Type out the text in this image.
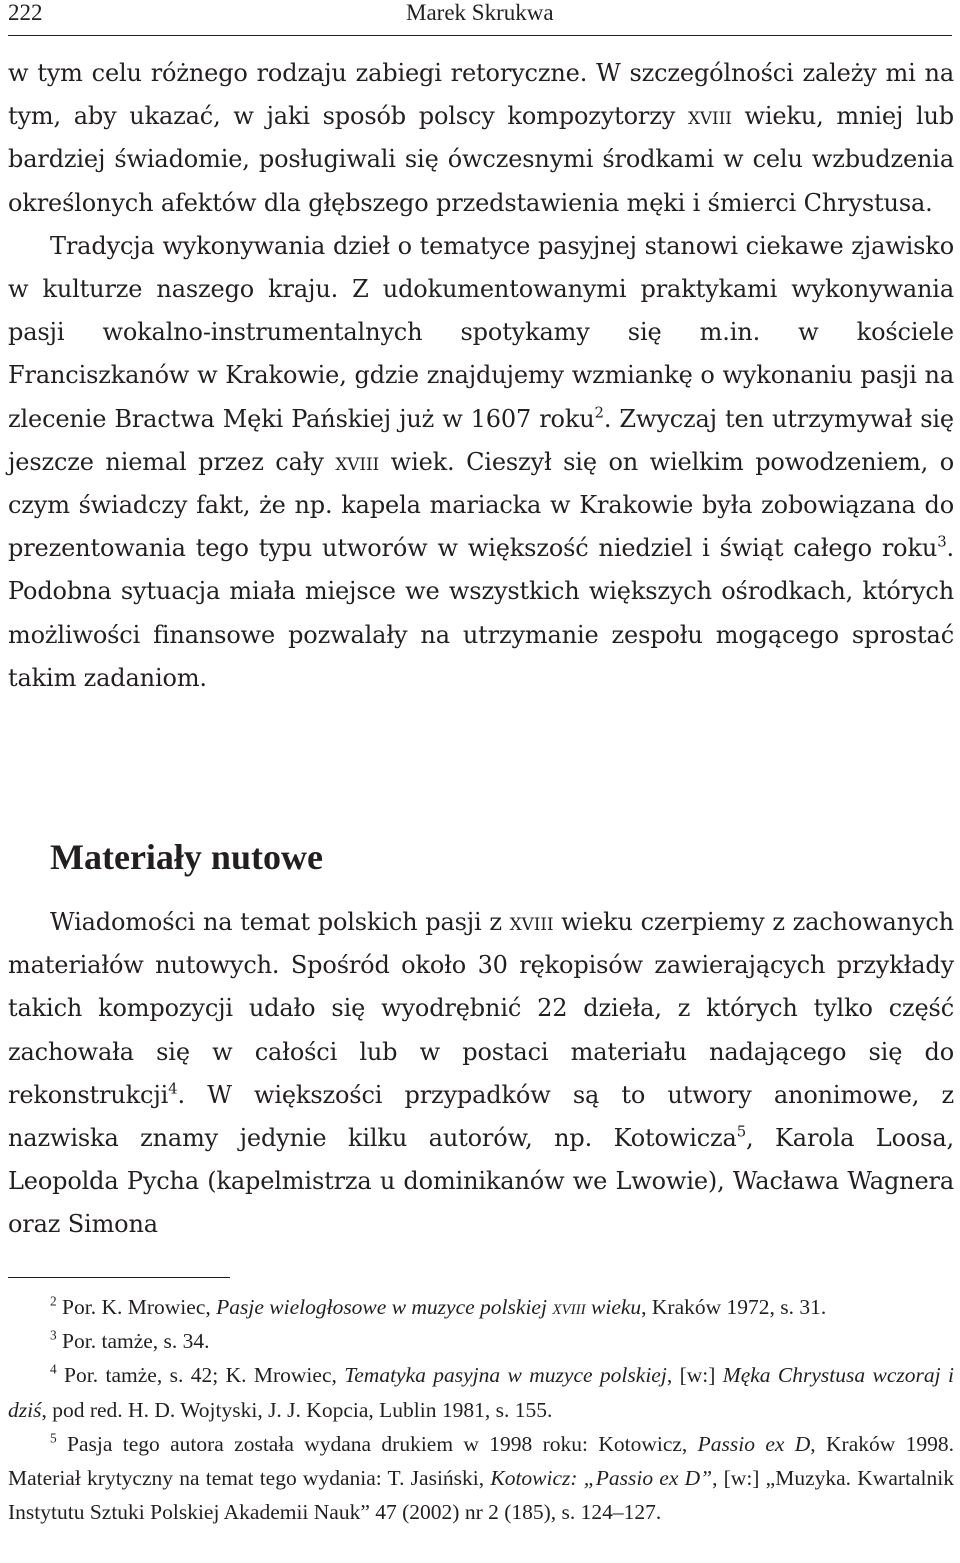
222	Marek Skrukwa

w tym celu różnego rodzaju zabiegi retoryczne. W szczególności zależy mi na tym, aby ukazać, w jaki sposób polscy kompozytorzy xviii wieku, mniej lub bardziej świadomie, posługiwali się ówczesnymi środkami w celu wzbudzenia określonych afektów dla głębszego przedstawienia męki i śmierci Chrystusa.

Tradycja wykonywania dzieł o tematyce pasyjnej stanowi ciekawe zjawisko w kulturze naszego kraju. Z udokumentowanymi praktykami wykonywania pasji wokalno-instrumentalnych spotykamy się m.in. w kościele Franciszkanów w Krakowie, gdzie znajdujemy wzmiankę o wykonaniu pasji na zlecenie Bractwa Męki Pańskiej już w 1607 roku$^2$. Zwyczaj ten utrzymywał się jeszcze niemal przez cały xviii wiek. Cieszył się on wielkim powodzeniem, o czym świadczy fakt, że np. kapela mariacka w Krakowie była zobowiązana do prezentowania tego typu utworów w większość niedziel i świąt całego roku$^3$. Podobna sytuacja miała miejsce we wszystkich większych ośrodkach, których możliwości finansowe pozwalały na utrzymanie zespołu mogącego sprostać takim zadaniom.

Materiały nutowe

Wiadomości na temat polskich pasji z xviii wieku czerpiemy z zachowanych materiałów nutowych. Spośród około 30 rękopisów zawierających przykłady takich kompozycji udało się wyodrębnić 22 dzieła, z których tylko część zachowała się w całości lub w postaci materiału nadającego się do rekonstrukcji$^4$. W większości przypadków są to utwory anonimowe, z nazwiska znamy jedynie kilku autorów, np. Kotowicza$^5$, Karola Loosa, Leopolda Pycha (kapelmistrza u dominikanów we Lwowie), Wacława Wagnera oraz Simona

$^2$ Por. K. Mrowiec, Pasje wielogłosowe w muzyce polskiej xviii wieku, Kraków 1972, s. 31.

$^3$ Por. tamże, s. 34.

$^4$ Por. tamże, s. 42; K. Mrowiec, Tematyka pasyjna w muzyce polskiej, [w:] Męka Chrystusa wczoraj i dziś, pod red. H. D. Wojtyski, J. J. Kopcia, Lublin 1981, s. 155.

$^5$ Pasja tego autora została wydana drukiem w 1998 roku: Kotowicz, Passio ex D, Kraków 1998. Materiał krytyczny na temat tego wydania: T. Jasiński, Kotowicz: „Passio ex D”, [w:] „Muzyka. Kwartalnik Instytutu Sztuki Polskiej Akademii Nauk” 47 (2002) nr 2 (185), s. 124–127.
